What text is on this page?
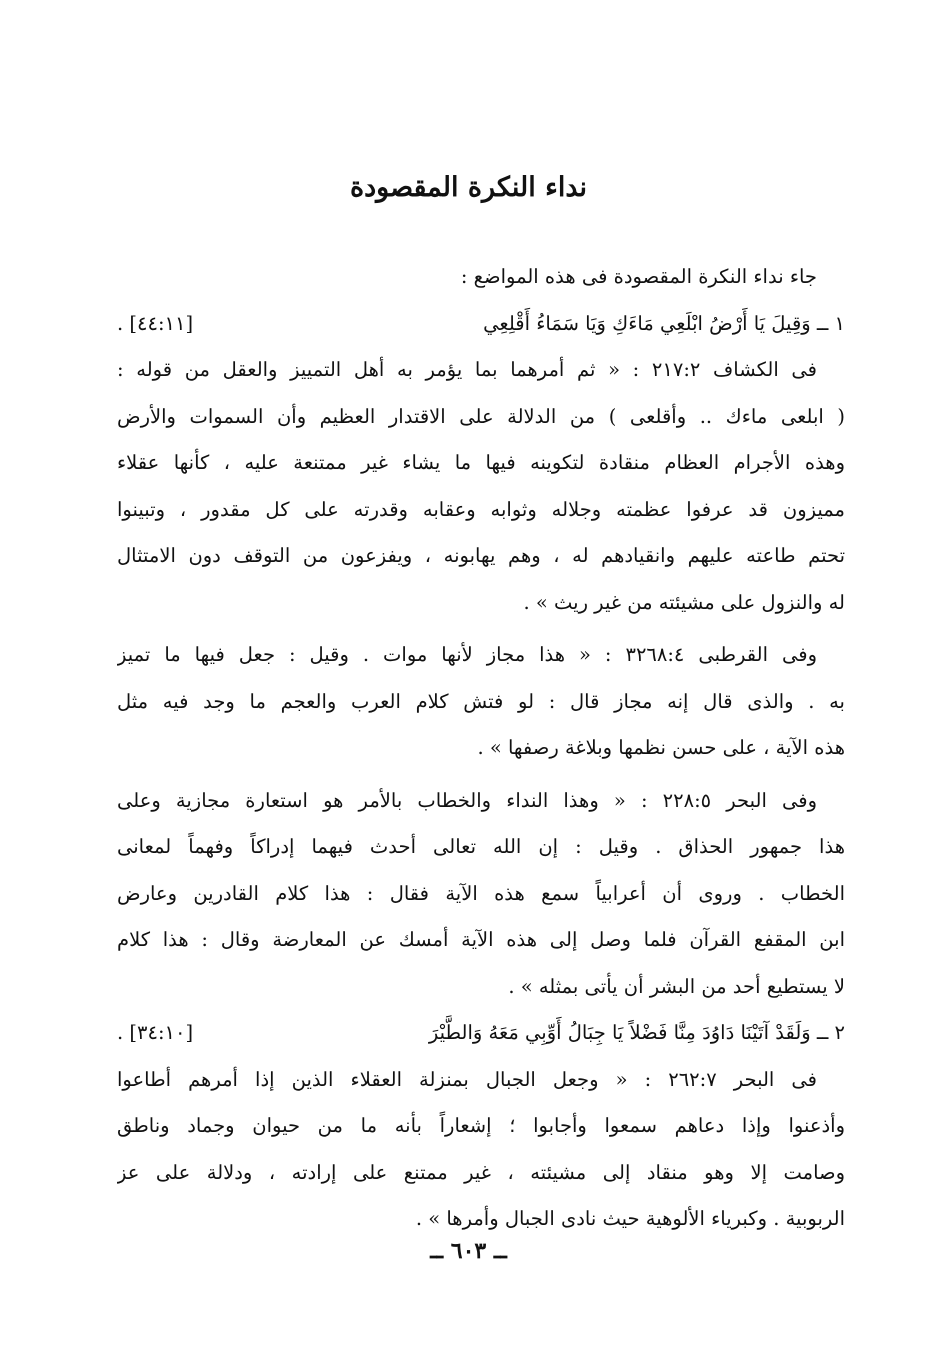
نداء النكرة المقصودة
جاء نداء النكرة المقصودة فى هذه المواضع :
١ ــ وَقِيلَ يَا أَرْضُ ابْلَعِي مَاءَكِ وَيَا سَمَاءُ أَقْلِعِي
[٤٤:١١] .
فى الكشاف ٢١٧:٢ : « ثم أمرهما بما يؤمر به أهل التمييز والعقل من قوله :
( ابلعى ماءك .. وأقلعى ) من الدلالة على الاقتدار العظيم وأن السموات والأرض
وهذه الأجرام العظام منقادة لتكوينه فيها ما يشاء غير ممتنعة عليه ، كأنها عقلاء
مميزون قد عرفوا عظمته وجلاله وثوابه وعقابه وقدرته على كل مقدور ، وتبينوا
تحتم طاعته عليهم وانقيادهم له ، وهم يهابونه ، ويفزعون من التوقف دون الامتثال
له والنزول على مشيئته من غير ريث » .
وفى القرطبى ٣٢٦٨:٤ : « هذا مجاز لأنها موات . وقيل : جعل فيها ما تميز
به . والذى قال إنه مجاز قال : لو فتش كلام العرب والعجم ما وجد فيه مثل
هذه الآية ، على حسن نظمها وبلاغة رصفها » .
وفى البحر ٢٢٨:٥ : « وهذا النداء والخطاب بالأمر هو استعارة مجازية وعلى
هذا جمهور الحذاق . وقيل : إن الله تعالى أحدث فيهما إدراكاً وفهماً لمعانى
الخطاب . وروى أن أعرابياً سمع هذه الآية فقال : هذا كلام القادرين وعارض
ابن المقفع القرآن فلما وصل إلى هذه الآية أمسك عن المعارضة وقال : هذا كلام
لا يستطيع أحد من البشر أن يأتى بمثله » .
٢ ــ وَلَقَدْ آتَيْنَا دَاوُدَ مِنَّا فَضْلاً يَا جِبَالُ أَوِّبِي مَعَهُ وَالطَّيْرَ
[٣٤:١٠] .
فى البحر ٢٦٢:٧ : « وجعل الجبال بمنزلة العقلاء الذين إذا أمرهم أطاعوا
وأذعنوا وإذا دعاهم سمعوا وأجابوا ؛ إشعاراً بأنه ما من حيوان وجماد وناطق
وصامت إلا وهو منقاد إلى مشيئته ، غير ممتنع على إرادته ، ودلالة على عز
الربوبية . وكبرياء الألوهية حيث نادى الجبال وأمرها » .
ــ ٦٠٣ ــ
